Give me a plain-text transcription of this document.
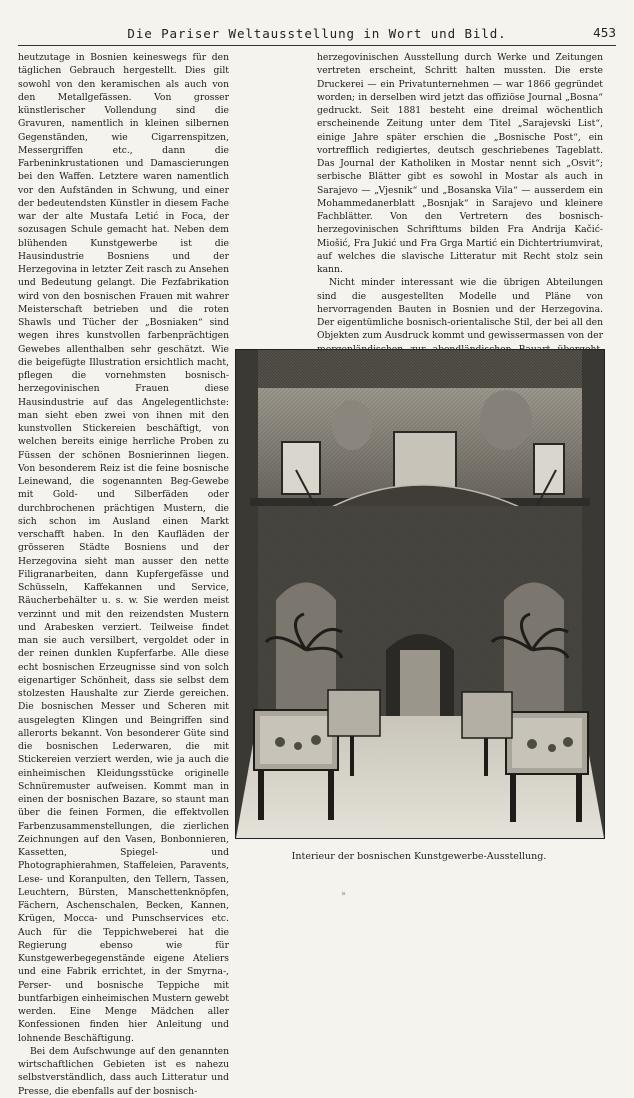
Die Pariser Weltausstellung in Wort und Bild.	453

heutzutage in Bosnien keineswegs für den täglichen Gebrauch hergestellt. Dies gilt sowohl von den keramischen als auch von den Metallgefässen. Von grosser künstlerischer Vollendung sind die Gravuren, namentlich in kleinen silbernen Gegenständen, wie Cigarrenspitzen, Messergriffen etc., dann die Farbeninkrustationen und Damascierungen bei den Waffen. Letztere waren namentlich vor den Aufständen in Schwung, und einer der bedeutendsten Künstler in diesem Fache war der alte Mustafa Letić in Foca, der sozusagen Schule gemacht hat. Neben dem blühenden Kunstgewerbe ist die Hausindustrie Bosniens und der Herzegovina in letzter Zeit rasch zu Ansehen und Bedeutung gelangt. Die Fezfabrikation wird von den bosnischen Frauen mit wahrer Meisterschaft betrieben und die roten Shawls und Tücher der „Bosniaken“ sind wegen ihres kunstvollen farbenprächtigen Gewebes allenthalben sehr geschätzt. Wie die beigefügte Illustration ersichtlich macht, pflegen die vornehmsten bosnisch-herzegovinischen Frauen diese Hausindustrie auf das Angelegentlichste: man sieht eben zwei von ihnen mit den kunstvollen Stickereien beschäftigt, von welchen bereits einige herrliche Proben zu Füssen der schönen Bosnierinnen liegen. Von besonderem Reiz ist die feine bosnische Leinewand, die sogenannten Beg-Gewebe mit Gold- und Silberfäden oder durchbrochenen prächtigen Mustern, die sich schon im Ausland einen Markt verschafft haben. In den Kaufläden der grösseren Städte Bosniens und der Herzegovina sieht man ausser den nette Filigranarbeiten, dann Kupfergefässe und Schüsseln, Kaffekannen und Service, Räucherbehälter u. s. w. Sie werden meist verzinnt und mit den reizendsten Mustern und Arabesken verziert. Teilweise findet man sie auch versilbert, vergoldet oder in der reinen dunklen Kupferfarbe. Alle diese echt bosnischen Erzeugnisse sind von solch eigenartiger Schönheit, dass sie selbst dem stolzesten Haushalte zur Zierde gereichen. Die bosnischen Messer und Scheren mit ausgelegten Klingen und Beingriffen sind allerorts bekannt. Von besonderer Güte sind die bosnischen Lederwaren, die mit Stickereien verziert werden, wie ja auch die einheimischen Kleidungsstücke originelle Schnüremuster aufweisen. Kommt man in einen der bosnischen Bazare, so staunt man über die feinen Formen, die effektvollen Farbenzusammenstellungen, die zierlichen Zeichnungen auf den Vasen, Bonbonnieren, Kassetten, Spiegel- und Photographierahmen, Staffeleien, Paravents, Lese- und Koranpulten, den Tellern, Tassen, Leuchtern, Bürsten, Manschettenknöpfen, Fächern, Aschenschalen, Becken, Kannen, Krügen, Mocca- und Punschservices etc. Auch für die Teppichweberei hat die Regierung ebenso wie für Kunstgewerbegegenstände eigene Ateliers und eine Fabrik errichtet, in der Smyrna-, Perser- und bosnische Teppiche mit buntfarbigen einheimischen Mustern gewebt werden. Eine Menge Mädchen aller Konfessionen finden hier Anleitung und lohnende Beschäftigung.

Bei dem Aufschwunge auf den genannten wirtschaftlichen Gebieten ist es nahezu selbstverständlich, dass auch Litteratur und Presse, die ebenfalls auf der bosnisch-

herzegovinischen Ausstellung durch Werke und Zeitungen vertreten erscheint, Schritt halten mussten. Die erste Druckerei — ein Privatunternehmen — war 1866 gegründet worden; in derselben wird jetzt das offiziöse Journal „Bosna“ gedruckt. Seit 1881 besteht eine dreimal wöchentlich erscheinende Zeitung unter dem Titel „Sarajevski List“, einige Jahre später erschien die „Bosnische Post“, ein vortrefflich redigiertes, deutsch geschriebenes Tageblatt. Das Journal der Katholiken in Mostar nennt sich „Osvit“; serbische Blätter gibt es sowohl in Mostar als auch in Sarajevo — „Vjesnik“ und „Bosanska Vila“ — ausserdem ein Mohammedanerblatt „Bosnjak“ in Sarajevo und kleinere Fachblätter. Von den Vertretern des bosnisch-herzegovinischen Schrifttums bilden Fra Andrija Kačić-Miošić, Fra Jukić und Fra Grga Martić ein Dichtertriumvirat, auf welches die slavische Litteratur mit Recht stolz sein kann.

Nicht minder interessant wie die übrigen Abteilungen sind die ausgestellten Modelle und Pläne von hervorragenden Bauten in Bosnien und der Herzegovina. Der eigentümliche bosnisch-orientalische Stil, der bei all den Objekten zum Ausdruck kommt und gewissermassen von der

Interieur der bosnischen Kunstgewerbe-Ausstellung.
»
